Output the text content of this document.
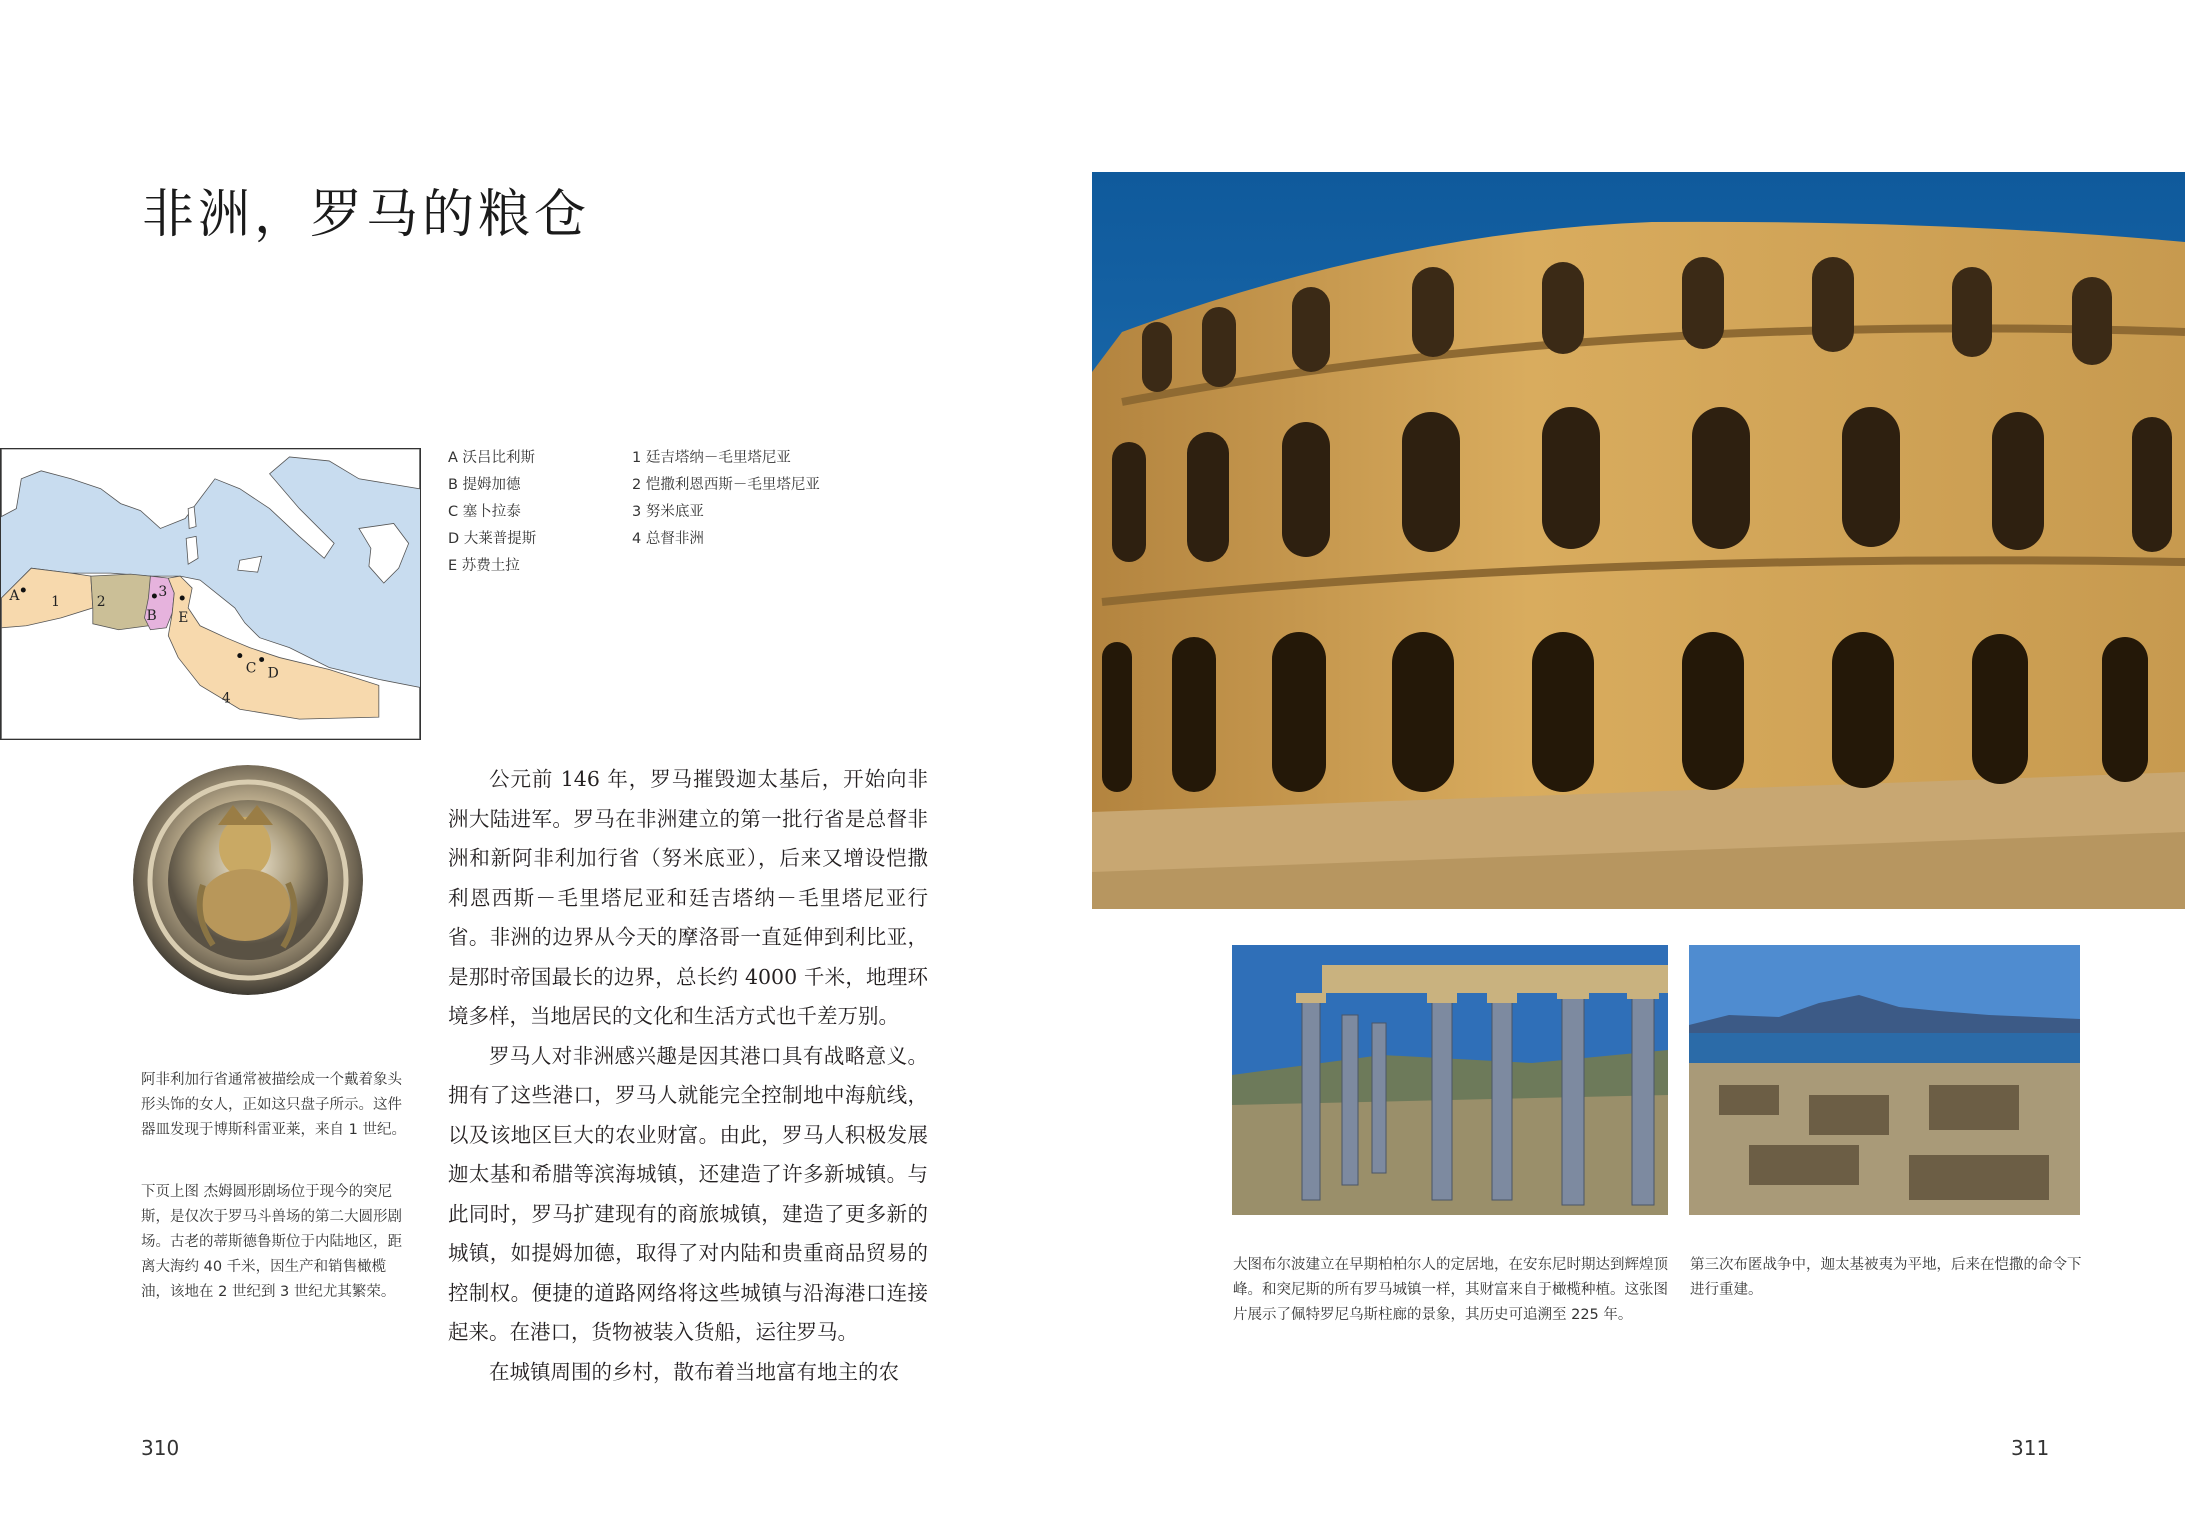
非洲，罗马的粮仓
A 1	2
3
B E
C D
4
A 沃吕比利斯
B 提姆加德
C 塞卜拉泰
D 大莱普提斯
E 苏费土拉
1 廷吉塔纳－毛里塔尼亚
2 恺撒利恩西斯－毛里塔尼亚
3 努米底亚
4 总督非洲
阿非利加行省通常被描绘成一个戴着象头形头饰的女人，正如这只盘子所示。这件器皿发现于博斯科雷亚莱，来自 1 世纪。
下页上图 杰姆圆形剧场位于现今的突尼斯，是仅次于罗马斗兽场的第二大圆形剧场。古老的蒂斯德鲁斯位于内陆地区，距离大海约 40 千米，因生产和销售橄榄油，该地在 2 世纪到 3 世纪尤其繁荣。

公元前 146 年，罗马摧毁迦太基后，开始向非洲大陆进军。罗马在非洲建立的第一批行省是总督非洲和新阿非利加行省（努米底亚），后来又增设恺撒利恩西斯－毛里塔尼亚和廷吉塔纳－毛里塔尼亚行省。非洲的边界从今天的摩洛哥一直延伸到利比亚，是那时帝国最长的边界，总长约 4000 千米，地理环境多样，当地居民的文化和生活方式也千差万别。

罗马人对非洲感兴趣是因其港口具有战略意义。拥有了这些港口，罗马人就能完全控制地中海航线，以及该地区巨大的农业财富。由此，罗马人积极发展迦太基和希腊等滨海城镇，还建造了许多新城镇。与此同时，罗马扩建现有的商旅城镇，建造了更多新的城镇，如提姆加德，取得了对内陆和贵重商品贸易的控制权。便捷的道路网络将这些城镇与沿海港口连接起来。在港口，货物被装入货船，运往罗马。

在城镇周围的乡村，散布着当地富有地主的农

大图布尔波建立在早期柏柏尔人的定居地，在安东尼时期达到辉煌顶峰。和突尼斯的所有罗马城镇一样，其财富来自于橄榄种植。这张图片展示了佩特罗尼乌斯柱廊的景象，其历史可追溯至 225 年。
第三次布匿战争中，迦太基被夷为平地，后来在恺撒的命令下进行重建。
310	311
